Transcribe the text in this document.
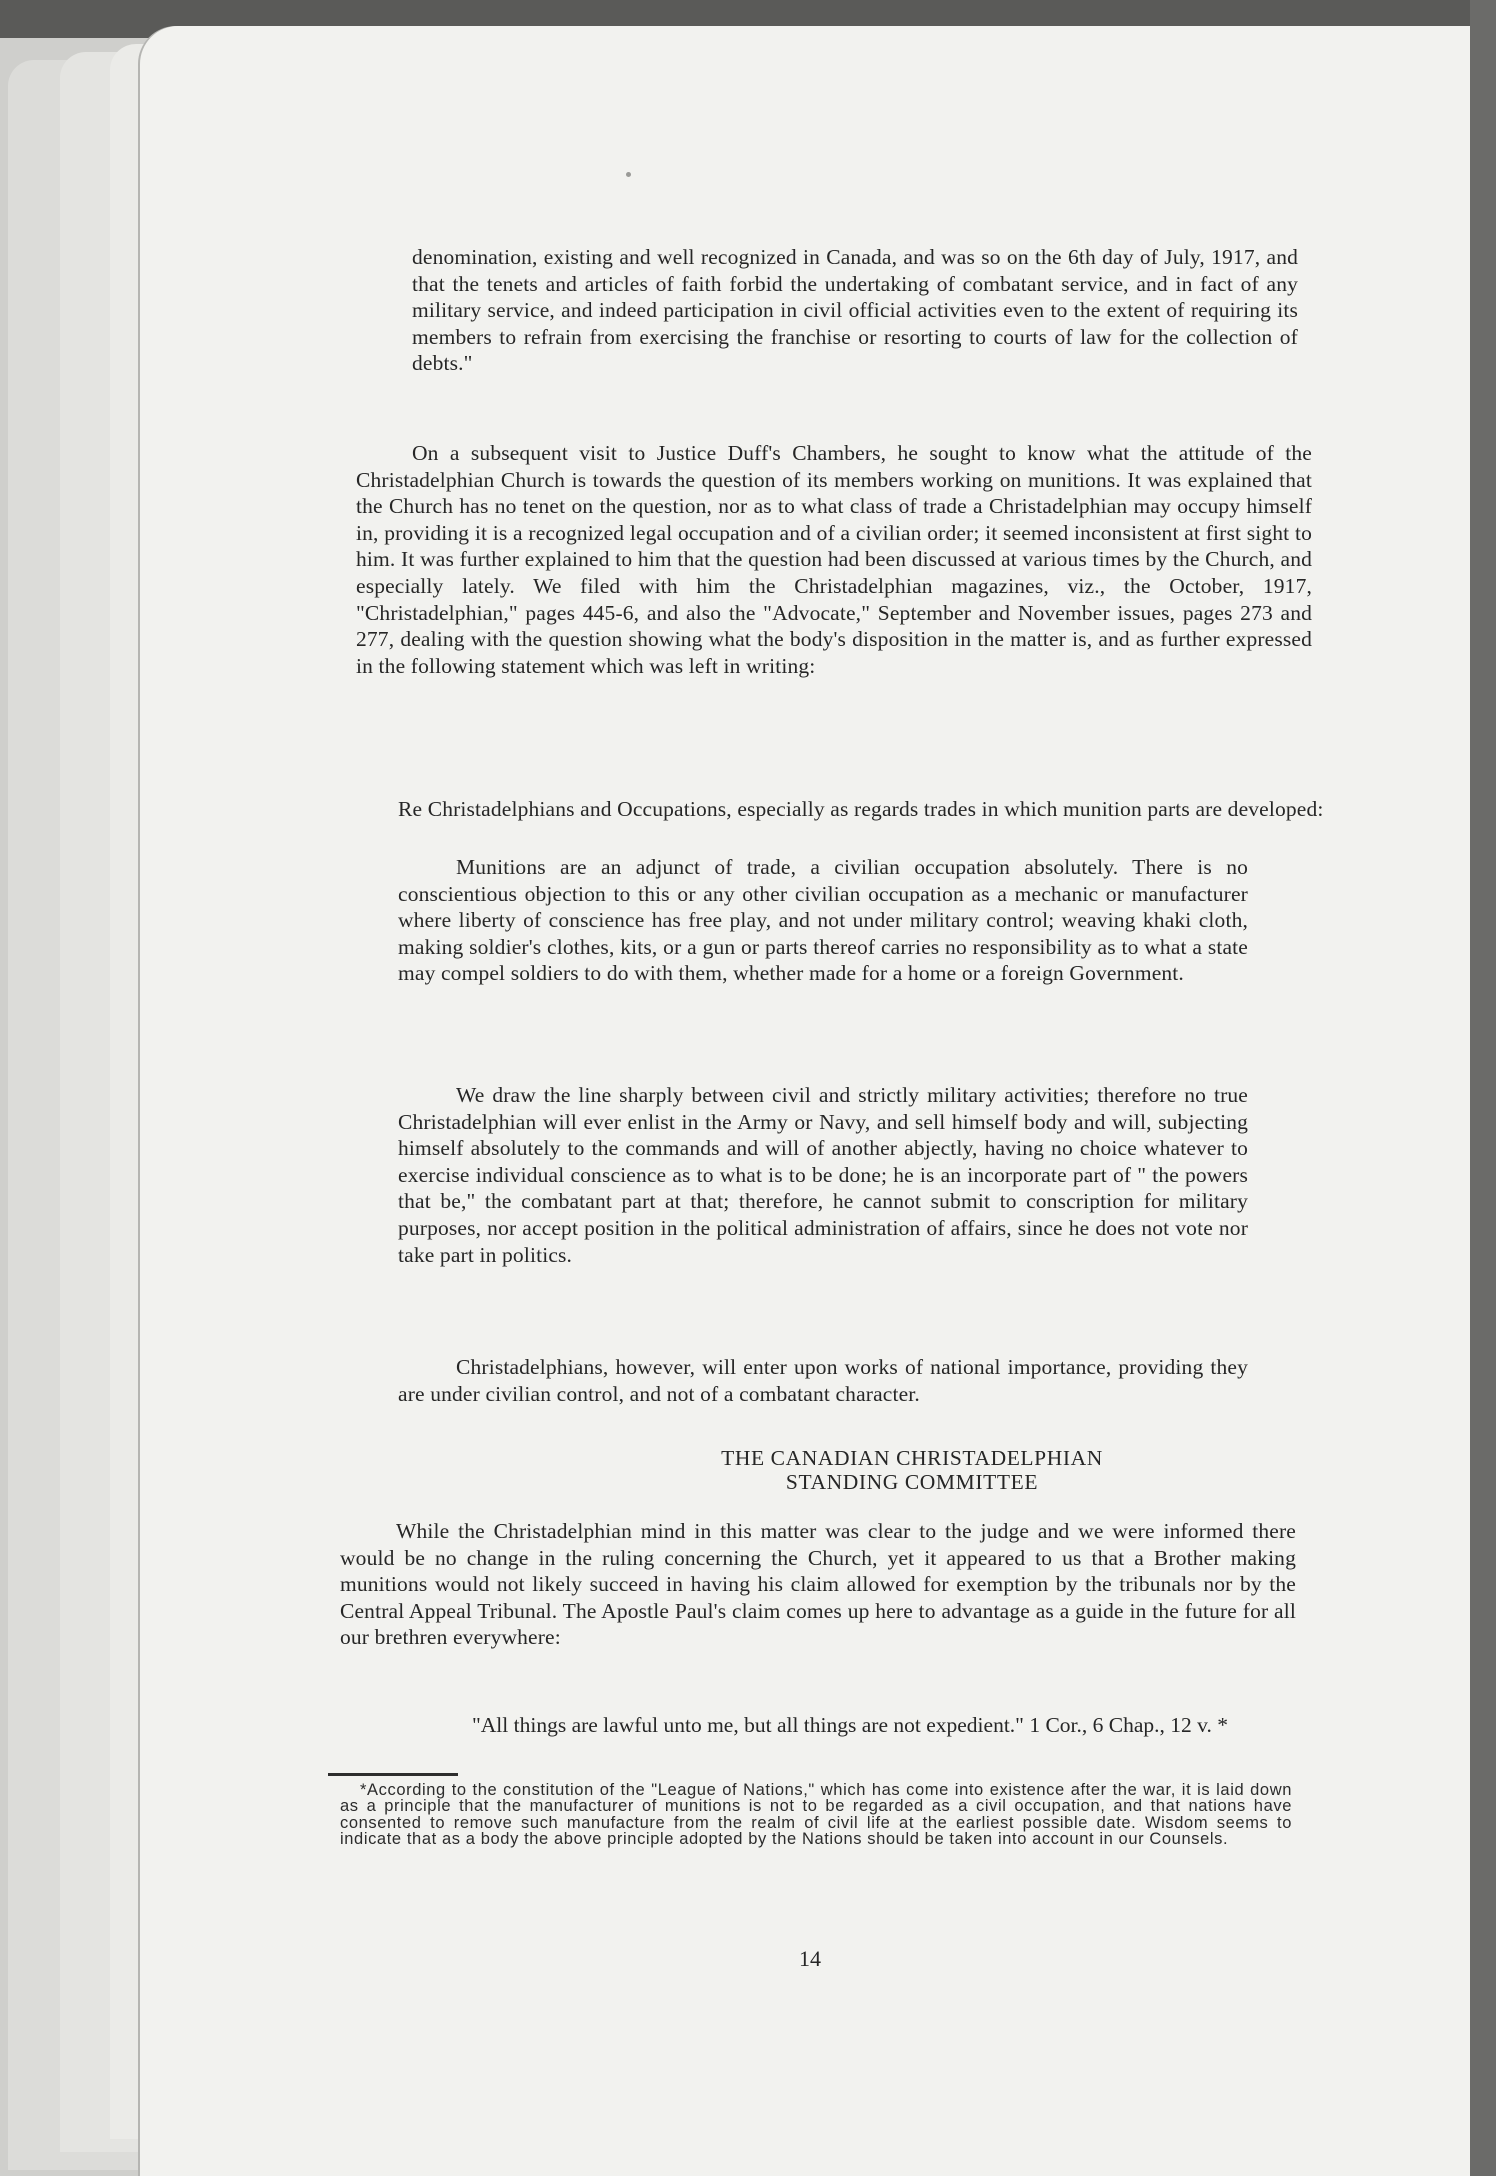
denomination, existing and well recognized in Canada, and was so on the 6th day of July, 1917, and that the tenets and articles of faith forbid the undertaking of combatant service, and in fact of any military service, and indeed participation in civil official activities even to the extent of requiring its members to refrain from exercising the franchise or resorting to courts of law for the collection of debts."

On a subsequent visit to Justice Duff's Chambers, he sought to know what the attitude of the Christadelphian Church is towards the question of its members working on munitions. It was explained that the Church has no tenet on the question, nor as to what class of trade a Christadelphian may occupy himself in, providing it is a recognized legal occupation and of a civilian order; it seemed inconsistent at first sight to him. It was further explained to him that the question had been discussed at various times by the Church, and especially lately. We filed with him the Christadelphian magazines, viz., the October, 1917, "Christadelphian," pages 445-6, and also the "Advocate," September and November issues, pages 273 and 277, dealing with the question showing what the body's disposition in the matter is, and as further expressed in the following statement which was left in writing:

Re Christadelphians and Occupations, especially as regards trades in which munition parts are developed:

Munitions are an adjunct of trade, a civilian occupation absolutely. There is no conscientious objection to this or any other civilian occupation as a mechanic or manufacturer where liberty of conscience has free play, and not under military control; weaving khaki cloth, making soldier's clothes, kits, or a gun or parts thereof carries no responsibility as to what a state may compel soldiers to do with them, whether made for a home or a foreign Government.

We draw the line sharply between civil and strictly military activities; therefore no true Christadelphian will ever enlist in the Army or Navy, and sell himself body and will, subjecting himself absolutely to the commands and will of another abjectly, having no choice whatever to exercise individual conscience as to what is to be done; he is an incorporate part of " the powers that be," the combatant part at that; therefore, he cannot submit to conscription for military purposes, nor accept position in the political administration of affairs, since he does not vote nor take part in politics.

Christadelphians, however, will enter upon works of national importance, providing they are under civilian control, and not of a combatant character.

THE CANADIAN CHRISTADELPHIAN
STANDING COMMITTEE

While the Christadelphian mind in this matter was clear to the judge and we were informed there would be no change in the ruling concerning the Church, yet it appeared to us that a Brother making munitions would not likely succeed in having his claim allowed for exemption by the tribunals nor by the Central Appeal Tribunal. The Apostle Paul's claim comes up here to advantage as a guide in the future for all our brethren everywhere:

"All things are lawful unto me, but all things are not expedient." 1 Cor., 6 Chap., 12 v. *
*According to the constitution of the "League of Nations," which has come into existence after the war, it is laid down as a principle that the manufacturer of munitions is not to be regarded as a civil occupation, and that nations have consented to remove such manufacture from the realm of civil life at the earliest possible date. Wisdom seems to indicate that as a body the above principle adopted by the Nations should be taken into account in our Counsels.
14
